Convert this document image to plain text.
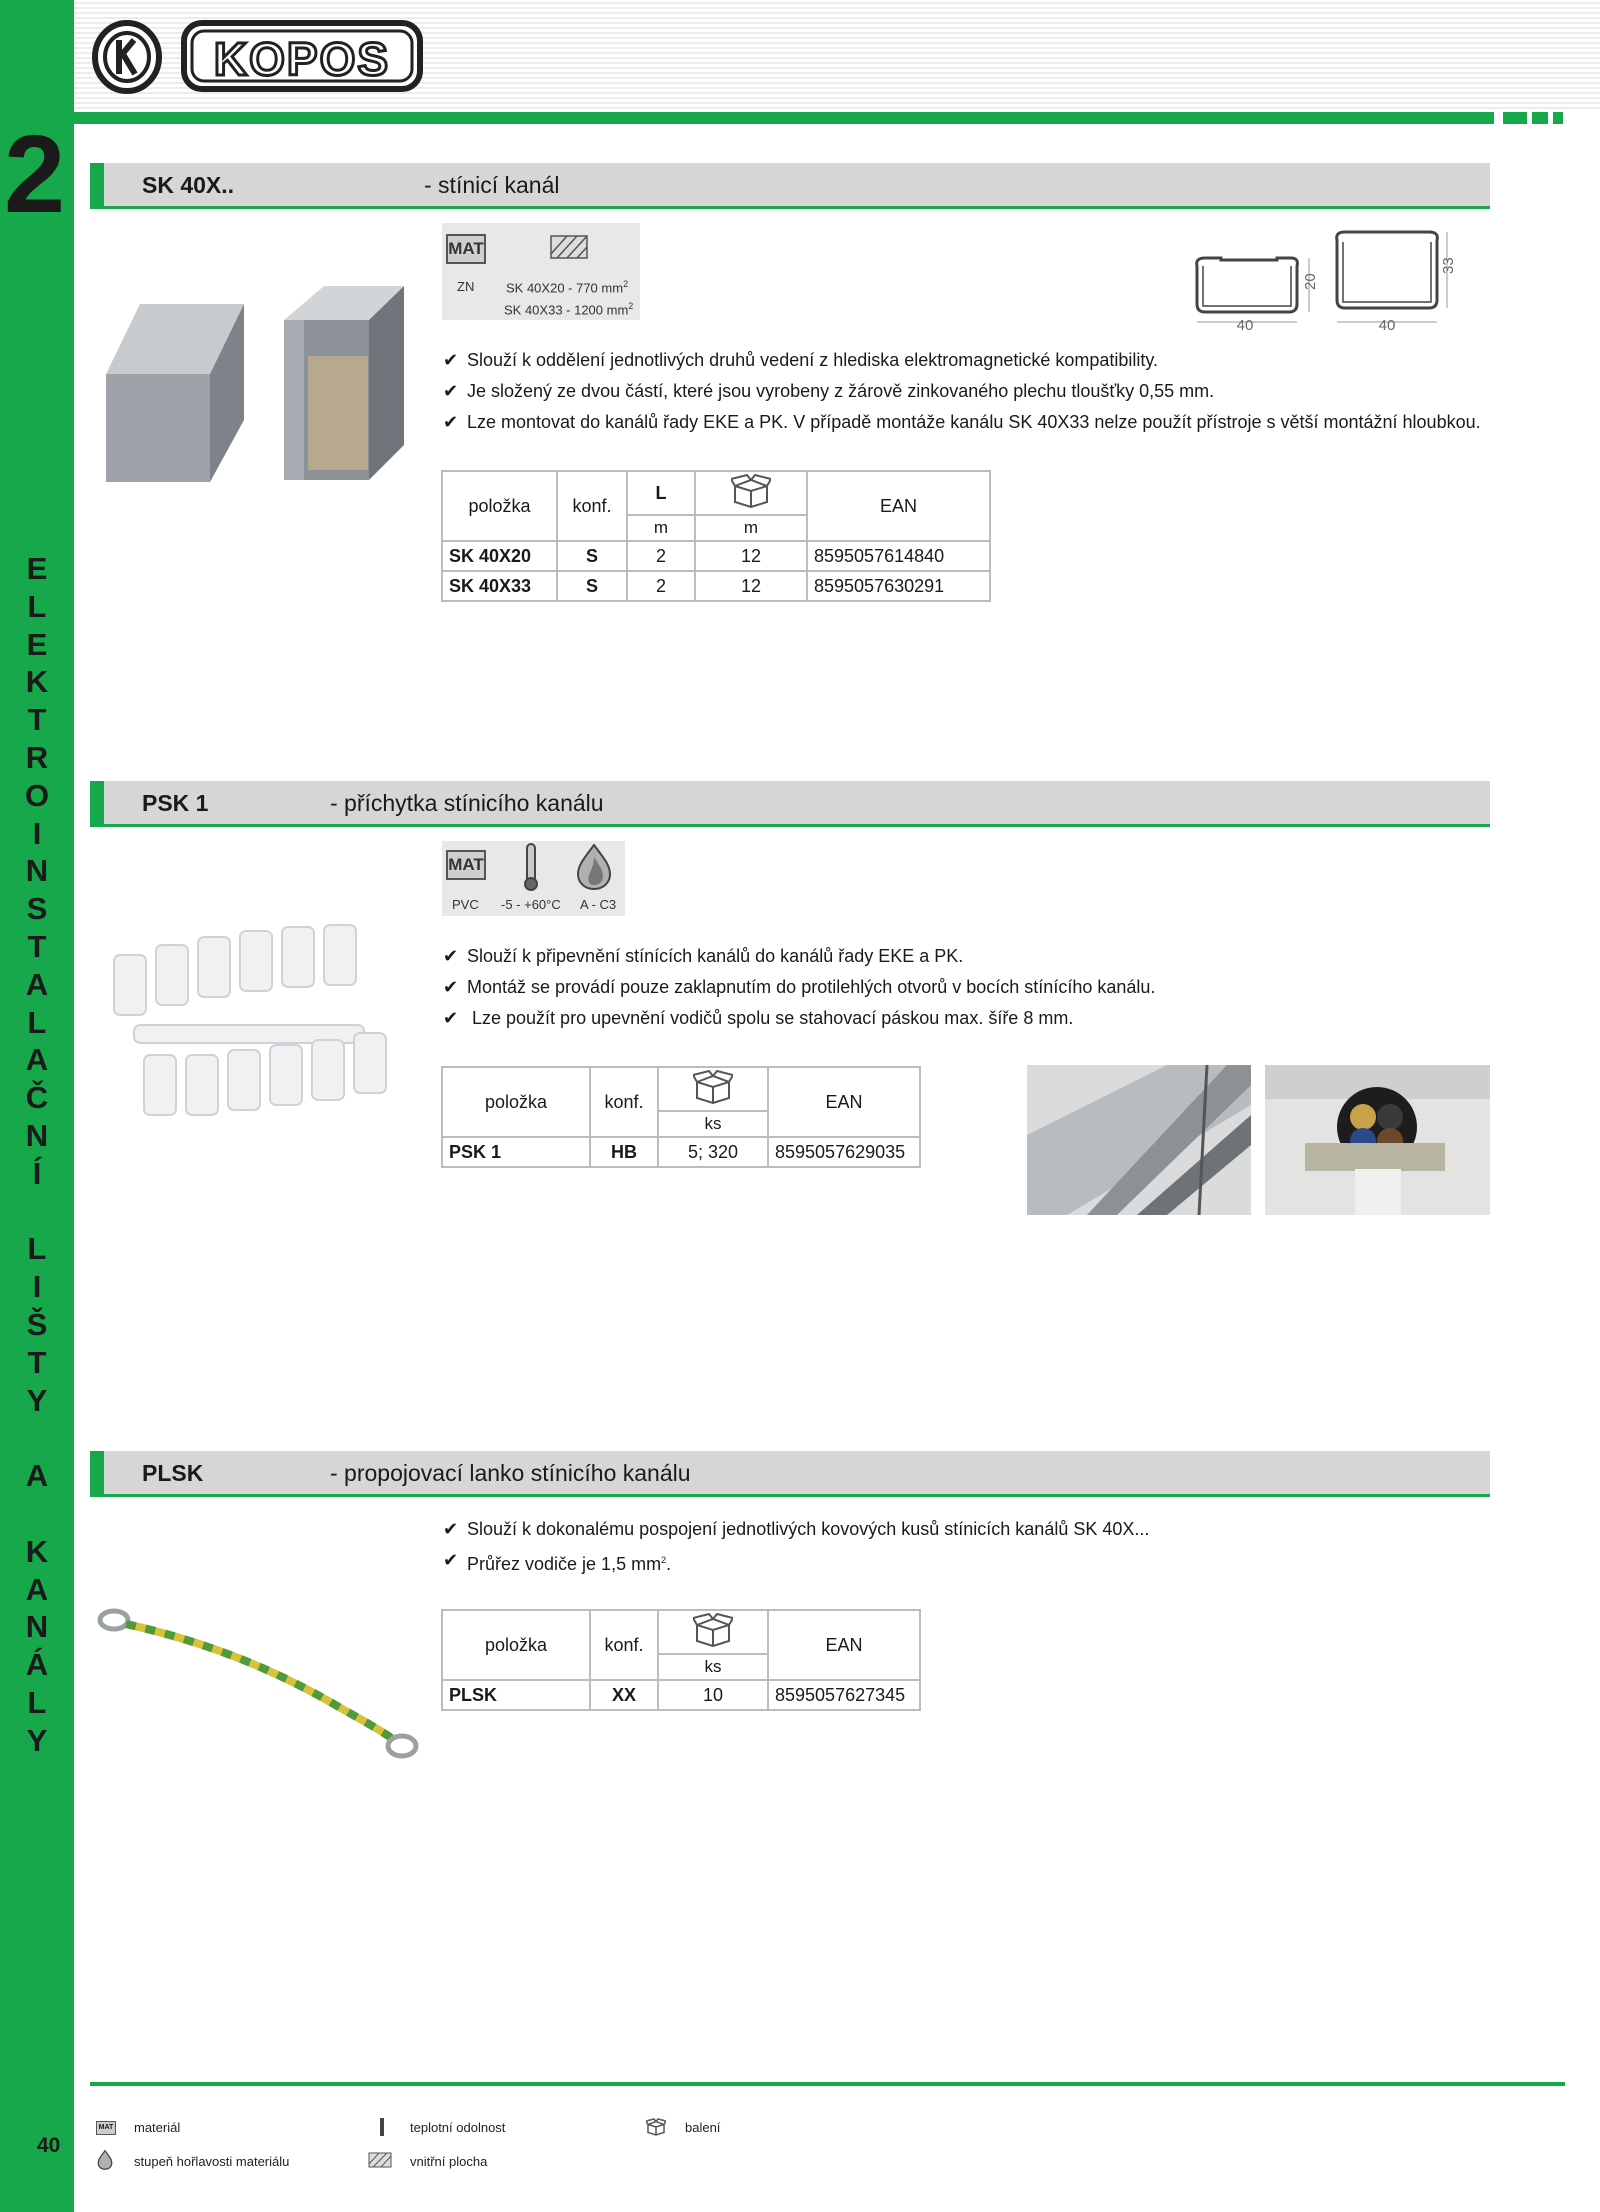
2
E
L
E
K
T
R
O
I
N
S
T
A
L
A
Č
N
Í
L
I
Š
T
Y
A
K
A
N
Á
L
Y
40
KOPOS
SK 40X..	- stínicí kanál
MAT
ZN SK 40X20 - 770 $mm^2$
SK 40X33 - 1200 $mm^2$
40
20
40
33
✔ Slouží k oddělení jednotlivých druhů vedení z hlediska elektromagnetické kompatibility.
✔ Je složený ze dvou částí, které jsou vyrobeny z žárově zinkovaného plechu tloušťky 0,55 mm.
✔ Lze montovat do kanálů řady EKE a PK. V případě montáže kanálu SK 40X33 nelze použít přístroje s větší montážní hloubkou.
položka	konf.	L		EAN
		m	m	
SK 40X20	S	2	12	8595057614840
SK 40X33	S	2	12	8595057630291
PSK 1	- příchytka stínicího kanálu
MAT
PVC -5 - +60°C A - C3
✔ Slouží k připevnění stínících kanálů do kanálů řady EKE a PK.
✔ Montáž se provádí pouze zaklapnutím do protilehlých otvorů v bocích stínícího kanálu.
✔ Lze použít pro upevnění vodičů spolu se stahovací páskou max. šíře 8 mm.
položka	konf.		EAN
		ks	
PSK 1	HB	5; 320	8595057629035
PLSK	- propojovací lanko stínicího kanálu
✔ Slouží k dokonalému pospojení jednotlivých kovových kusů stínicích kanálů SK 40X...
✔ Průřez vodiče je 1,5 $mm^2$.
položka	konf.		EAN
		ks	
PLSK	XX	10	8595057627345
MAT materiál	teplotní odolnost	balení
stupeň hořlavosti materiálu	vnitřní plocha
